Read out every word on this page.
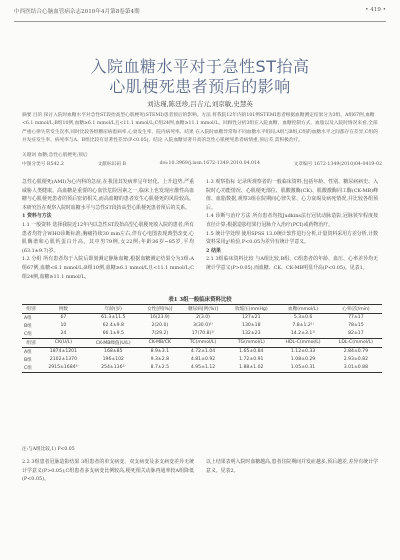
中西医结合心脑血管病杂志2010年4月第8卷第4期	• 419 •
入院血糖水平对于急性ST抬高
心肌梗死患者预后的影响
刘达瑾,陈廷珍,吕吉元,刘京敏,史慧英
摘要 目的 探讨入院时血糖水平对急性ST段抬高型心肌梗死(STEMI)患者预后的影响。方法 将我院12年内的101例STEMI患者根据血糖测定结果分为3组。A组67例,血糖<6.1 mmol/L;B组10例,血糖≥6.1 mmol/L且<11.1 mmol/L;C组24例,血糖≥11.1 mmol/L。回顾性分析3组在入院血糖、血糖控制方式、血脂以及入院时情况来看,全部严重心律失常发生次率,同时比较各组糖尿病患病率,心衰发生率、院内病死率。结果 在入院时血糖异常和不同血糖水平组间,A组与B组,C组的血糖水平之间都存在差异,C组的并发症发生率、病死率与A、B组比较有显著性差异(P<0.05)。结论 入院血糖显著升高的急性心肌梗死患者病情重,预后差,需积极治疗。
关键词 血糖;急性心肌梗死;预后
中图分类号 R542.2	文献标识码 B	doi:10.3969/j.issn.1672-1349.2010.04.014	文章编号 1672-1349(2010)04-0419-02

急性心肌梗死(AMI)为心内科的急症,在我国其发病率呈年轻化、上升趋势,严重威胁人类健康。高血糖是重要的心血管危险因素之一,临床上也发现应激性高血糖与心肌梗死患者的预后密切相关,而高血糖的患者发生心肌梗死的风险较高。本研究旨在观察入院时血糖水平与急性ST段抬高型心肌梗死患者预后的关系。

1 资料与方法

1.1 一般资料 选择我院近12年内以急性ST段抬高型心肌梗死收入院的患者,所有患者均符合WHO诊断标准;胸痛持续30 min左右,伴有心电图表现典型改变,心肌酶谱和心肌钙蛋白升高。其中男79例,女22例;年龄36岁~85岁,平均(63.1±9.7)岁。

1.2 分组 所有患者均于入院后即刻测定静脉血糖,根据血糖测定结果分为3组:A组67例,血糖<6.1 mmol/L;B组10例,血糖≥6.1 mmol/L且<11.1 mmol/L;C组24例,血糖≥11.1 mmol/L。

1.3 观察指标 记录所观察者的一般临床资料,包括年龄、性别、糖尿病病史、入院时心功能情况、心肌梗死部位、肌酸激酶(CK)、肌酸激酶同工酶(CK-MB)峰值、血脂数据,观察3组在院期间心律失常、心力衰竭及病死情况,并比较各组预后。

1.4 诊断与治疗方法 所有患者均按Judkins法行冠状动脉造影,冠脉狭窄程度按直径计算;根据造影结果行冠脉介入治疗(PCI)或药物治疗。

1.5 统计学处理 使用SPSS 13.0统计软件进行分析,计量资料采用方差分析,计数资料采用χ²检验,P<0.05为差异有统计学意义。

2 结果

2.1 3组临床资料比较 与A组比较,B组、C组患者的年龄、血压、心率差异均无统计学意义(P>0.05),而血糖、CK、CK-MB明显升高(P<0.05)。见表1。

表1 3组一般临床资料比较
组别	例数	年龄(岁)	女性[例(%)]	糖尿病[例(%)]	收缩压(mmHg)	血糖(mmol/L)	心率(次/min)
A组	67	61.3±11.5	16(23.9)	2(3.0)	127±21	5.3±0.6	77±17
B组	10	62.4±9.8	2(20.0)	3(30.0)¹⁾	130±18	7.8±1.2¹⁾	78±15
C组	24	66.1±9.5	7(29.2)	17(70.8)¹⁾	132±23	14.2±3.1¹⁾	82±17
组别	CK(U/L)	CK-MB峰值(U/L)	CK-MB/CK	TC(mmol/L)	TG(mmol/L)	HDL-C(mmol/L)	LDL-C(mmol/L)
A组	1874±1201	168±85	8.9±3.1	4.72±1.04	1.65±0.84	1.12±0.33	2.84±0.79
B组	2102±1370	196±102	9.3±2.8	4.81±0.92	1.72±0.91	1.08±0.29	2.93±0.82
C组	2915±1684¹⁾	254±136¹⁾	8.7±2.5	4.95±1.12	1.88±1.02	1.05±0.31	3.01±0.88
注:与A组比较,1) P<0.05

2.2 3组患者冠脉造影结果 3组患者的单支病变、双支病变及多支病变差异无统计学意义(P>0.05),C组患者多支病变比例较高,梗死相关动脉再通率较A组降低(P<0.05)。

以上结果表明入院时血糖越高,患者住院期间并发症越多,预后越差,差异有统计学意义。见表2。
